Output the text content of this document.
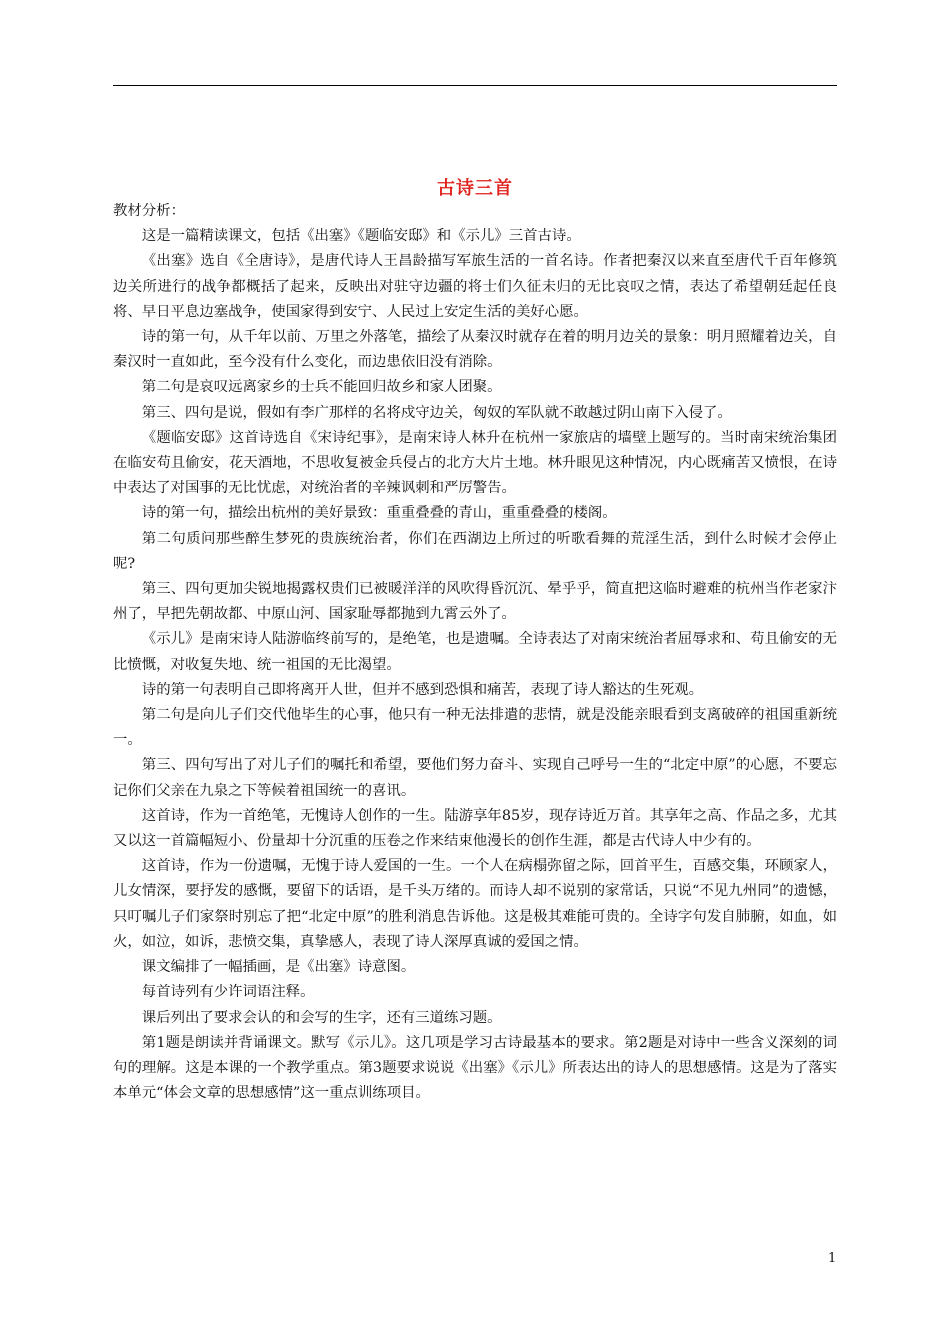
古诗三首

教材分析：

这是一篇精读课文，包括《出塞》《题临安邸》和《示儿》三首古诗。

《出塞》选自《全唐诗》，是唐代诗人王昌龄描写军旅生活的一首名诗。作者把秦汉以来直至唐代千百年修筑边关所进行的战争都概括了起来，反映出对驻守边疆的将士们久征未归的无比哀叹之情，表达了希望朝廷起任良将、早日平息边塞战争，使国家得到安宁、人民过上安定生活的美好心愿。

诗的第一句，从千年以前、万里之外落笔，描绘了从秦汉时就存在着的明月边关的景象：明月照耀着边关，自秦汉时一直如此，至今没有什么变化，而边患依旧没有消除。

第二句是哀叹远离家乡的士兵不能回归故乡和家人团聚。

第三、四句是说，假如有李广那样的名将戍守边关，匈奴的军队就不敢越过阴山南下入侵了。

《题临安邸》这首诗选自《宋诗纪事》，是南宋诗人林升在杭州一家旅店的墙壁上题写的。当时南宋统治集团在临安苟且偷安，花天酒地，不思收复被金兵侵占的北方大片土地。林升眼见这种情况，内心既痛苦又愤恨，在诗中表达了对国事的无比忧虑，对统治者的辛辣讽刺和严厉警告。

诗的第一句，描绘出杭州的美好景致：重重叠叠的青山，重重叠叠的楼阁。

第二句质问那些醉生梦死的贵族统治者，你们在西湖边上所过的听歌看舞的荒淫生活，到什么时候才会停止呢?

第三、四句更加尖锐地揭露权贵们已被暖洋洋的风吹得昏沉沉、晕乎乎，简直把这临时避难的杭州当作老家汴州了，早把先朝故都、中原山河、国家耻辱都抛到九霄云外了。

《示儿》是南宋诗人陆游临终前写的，是绝笔，也是遗嘱。全诗表达了对南宋统治者屈辱求和、苟且偷安的无比愤慨，对收复失地、统一祖国的无比渴望。

诗的第一句表明自己即将离开人世，但并不感到恐惧和痛苦，表现了诗人豁达的生死观。

第二句是向儿子们交代他毕生的心事，他只有一种无法排遣的悲情，就是没能亲眼看到支离破碎的祖国重新统一。

第三、四句写出了对儿子们的嘱托和希望，要他们努力奋斗、实现自己呼号一生的“北定中原”的心愿，不要忘记你们父亲在九泉之下等候着祖国统一的喜讯。

这首诗，作为一首绝笔，无愧诗人创作的一生。陆游享年85岁，现存诗近万首。其享年之高、作品之多，尤其又以这一首篇幅短小、份量却十分沉重的压卷之作来结束他漫长的创作生涯，都是古代诗人中少有的。

这首诗，作为一份遗嘱，无愧于诗人爱国的一生。一个人在病榻弥留之际，回首平生，百感交集，环顾家人，儿女情深，要抒发的感慨，要留下的话语，是千头万绪的。而诗人却不说别的家常话，只说“不见九州同”的遗憾，只叮嘱儿子们家祭时别忘了把“北定中原”的胜利消息告诉他。这是极其难能可贵的。全诗字句发自肺腑，如血，如火，如泣，如诉，悲愤交集，真挚感人，表现了诗人深厚真诚的爱国之情。

课文编排了一幅插画，是《出塞》诗意图。

每首诗列有少许词语注释。

课后列出了要求会认的和会写的生字，还有三道练习题。

第1题是朗读并背诵课文。默写《示儿》。这几项是学习古诗最基本的要求。第2题是对诗中一些含义深刻的词句的理解。这是本课的一个教学重点。第3题要求说说《出塞》《示儿》所表达出的诗人的思想感情。这是为了落实本单元“体会文章的思想感情”这一重点训练项目。

1
